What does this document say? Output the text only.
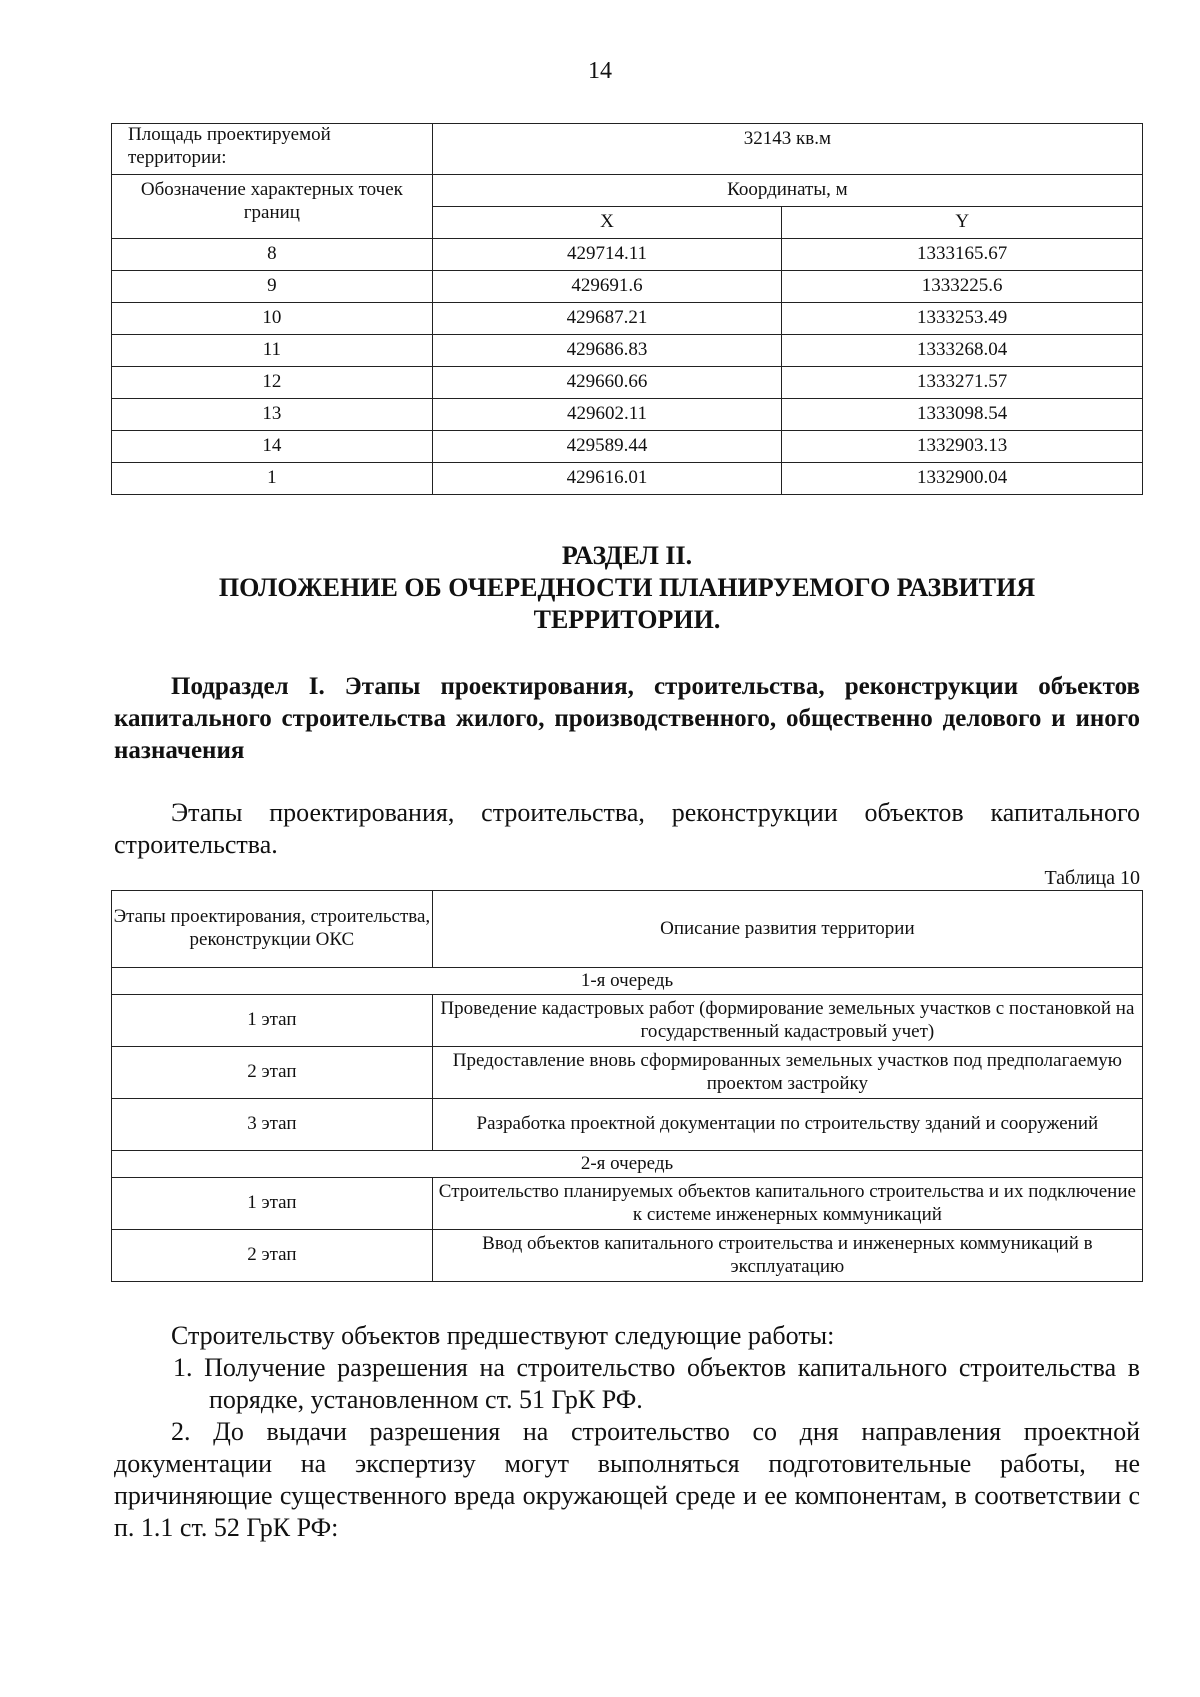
14
Площадь проектируемой территории:	32143 кв.м	
Обозначение характерных точек границ	Координаты, м	
	X	Y
8	429714.11	1333165.67
9	429691.6	1333225.6
10	429687.21	1333253.49
11	429686.83	1333268.04
12	429660.66	1333271.57
13	429602.11	1333098.54
14	429589.44	1332903.13
1	429616.01	1332900.04
РАЗДЕЛ II.
ПОЛОЖЕНИЕ ОБ ОЧЕРЕДНОСТИ ПЛАНИРУЕМОГО РАЗВИТИЯ
ТЕРРИТОРИИ.
Подраздел I. Этапы проектирования, строительства, реконструкции объектов капитального строительства жилого, производственного, общественно делового и иного назначения
Этапы проектирования, строительства, реконструкции объектов капитального строительства.
Таблица 10
Этапы проектирования, строительства, реконструкции ОКС	Описание развития территории
1-я очередь	
1 этап	Проведение кадастровых работ (формирование земельных участков с постановкой на государственный кадастровый учет)
2 этап	Предоставление вновь сформированных земельных участков под предполагаемую проектом застройку
3 этап	Разработка проектной документации по строительству зданий и сооружений
2-я очередь	
1 этап	Строительство планируемых объектов капитального строительства и их подключение к системе инженерных коммуникаций
2 этап	Ввод объектов капитального строительства и инженерных коммуникаций в эксплуатацию
Строительству объектов предшествуют следующие работы:
1. Получение разрешения на строительство объектов капитального строительства в порядке, установленном ст. 51 ГрК РФ.
2. До выдачи разрешения на строительство со дня направления проектной документации на экспертизу могут выполняться подготовительные работы, не причиняющие существенного вреда окружающей среде и ее компонентам, в соответствии с п. 1.1 ст. 52 ГрК РФ:
